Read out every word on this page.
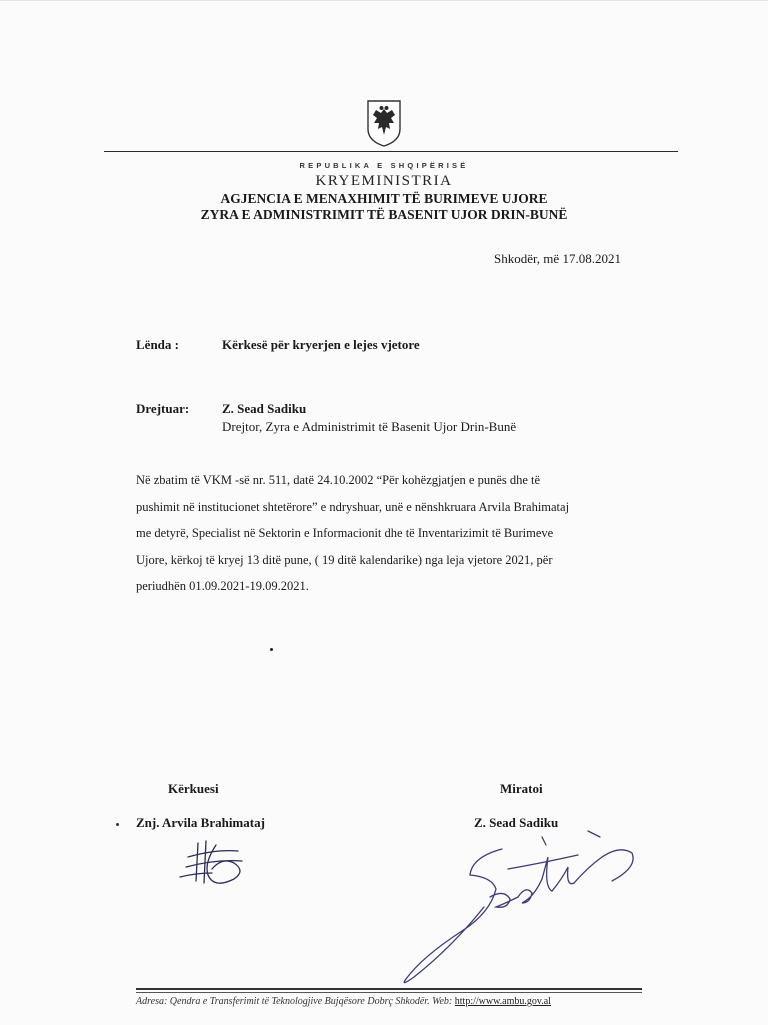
REPUBLIKA E SHQIPËRISË
KRYEMINISTRIA
AGJENCIA E MENAXHIMIT TË BURIMEVE UJORE
ZYRA E ADMINISTRIMIT TË BASENIT UJOR DRIN-BUNË
Shkodër, më 17.08.2021
Lënda :	Kërkesë për kryerjen e lejes vjetore
Drejtuar:	Z. Sead Sadiku
Drejtor, Zyra e Administrimit të Basenit Ujor Drin-Bunë
Në zbatim të VKM -së nr. 511, datë 24.10.2002 “Për kohëzgjatjen e punës dhe të
pushimit në institucionet shtetërore” e ndryshuar, unë e nënshkruara Arvila Brahimataj
me detyrë, Specialist në Sektorin e Informacionit dhe të Inventarizimit të Burimeve
Ujore, kërkoj të kryej 13 ditë pune, ( 19 ditë kalendarike) nga leja vjetore 2021, për
periudhën 01.09.2021-19.09.2021.
Kërkuesi
Znj. Arvila Brahimataj
Miratoi
Z. Sead Sadiku
Adresa: Qendra e Transferimit të Teknologjive Bujqësore Dobrç Shkodër. Web: http://www.ambu.gov.al
